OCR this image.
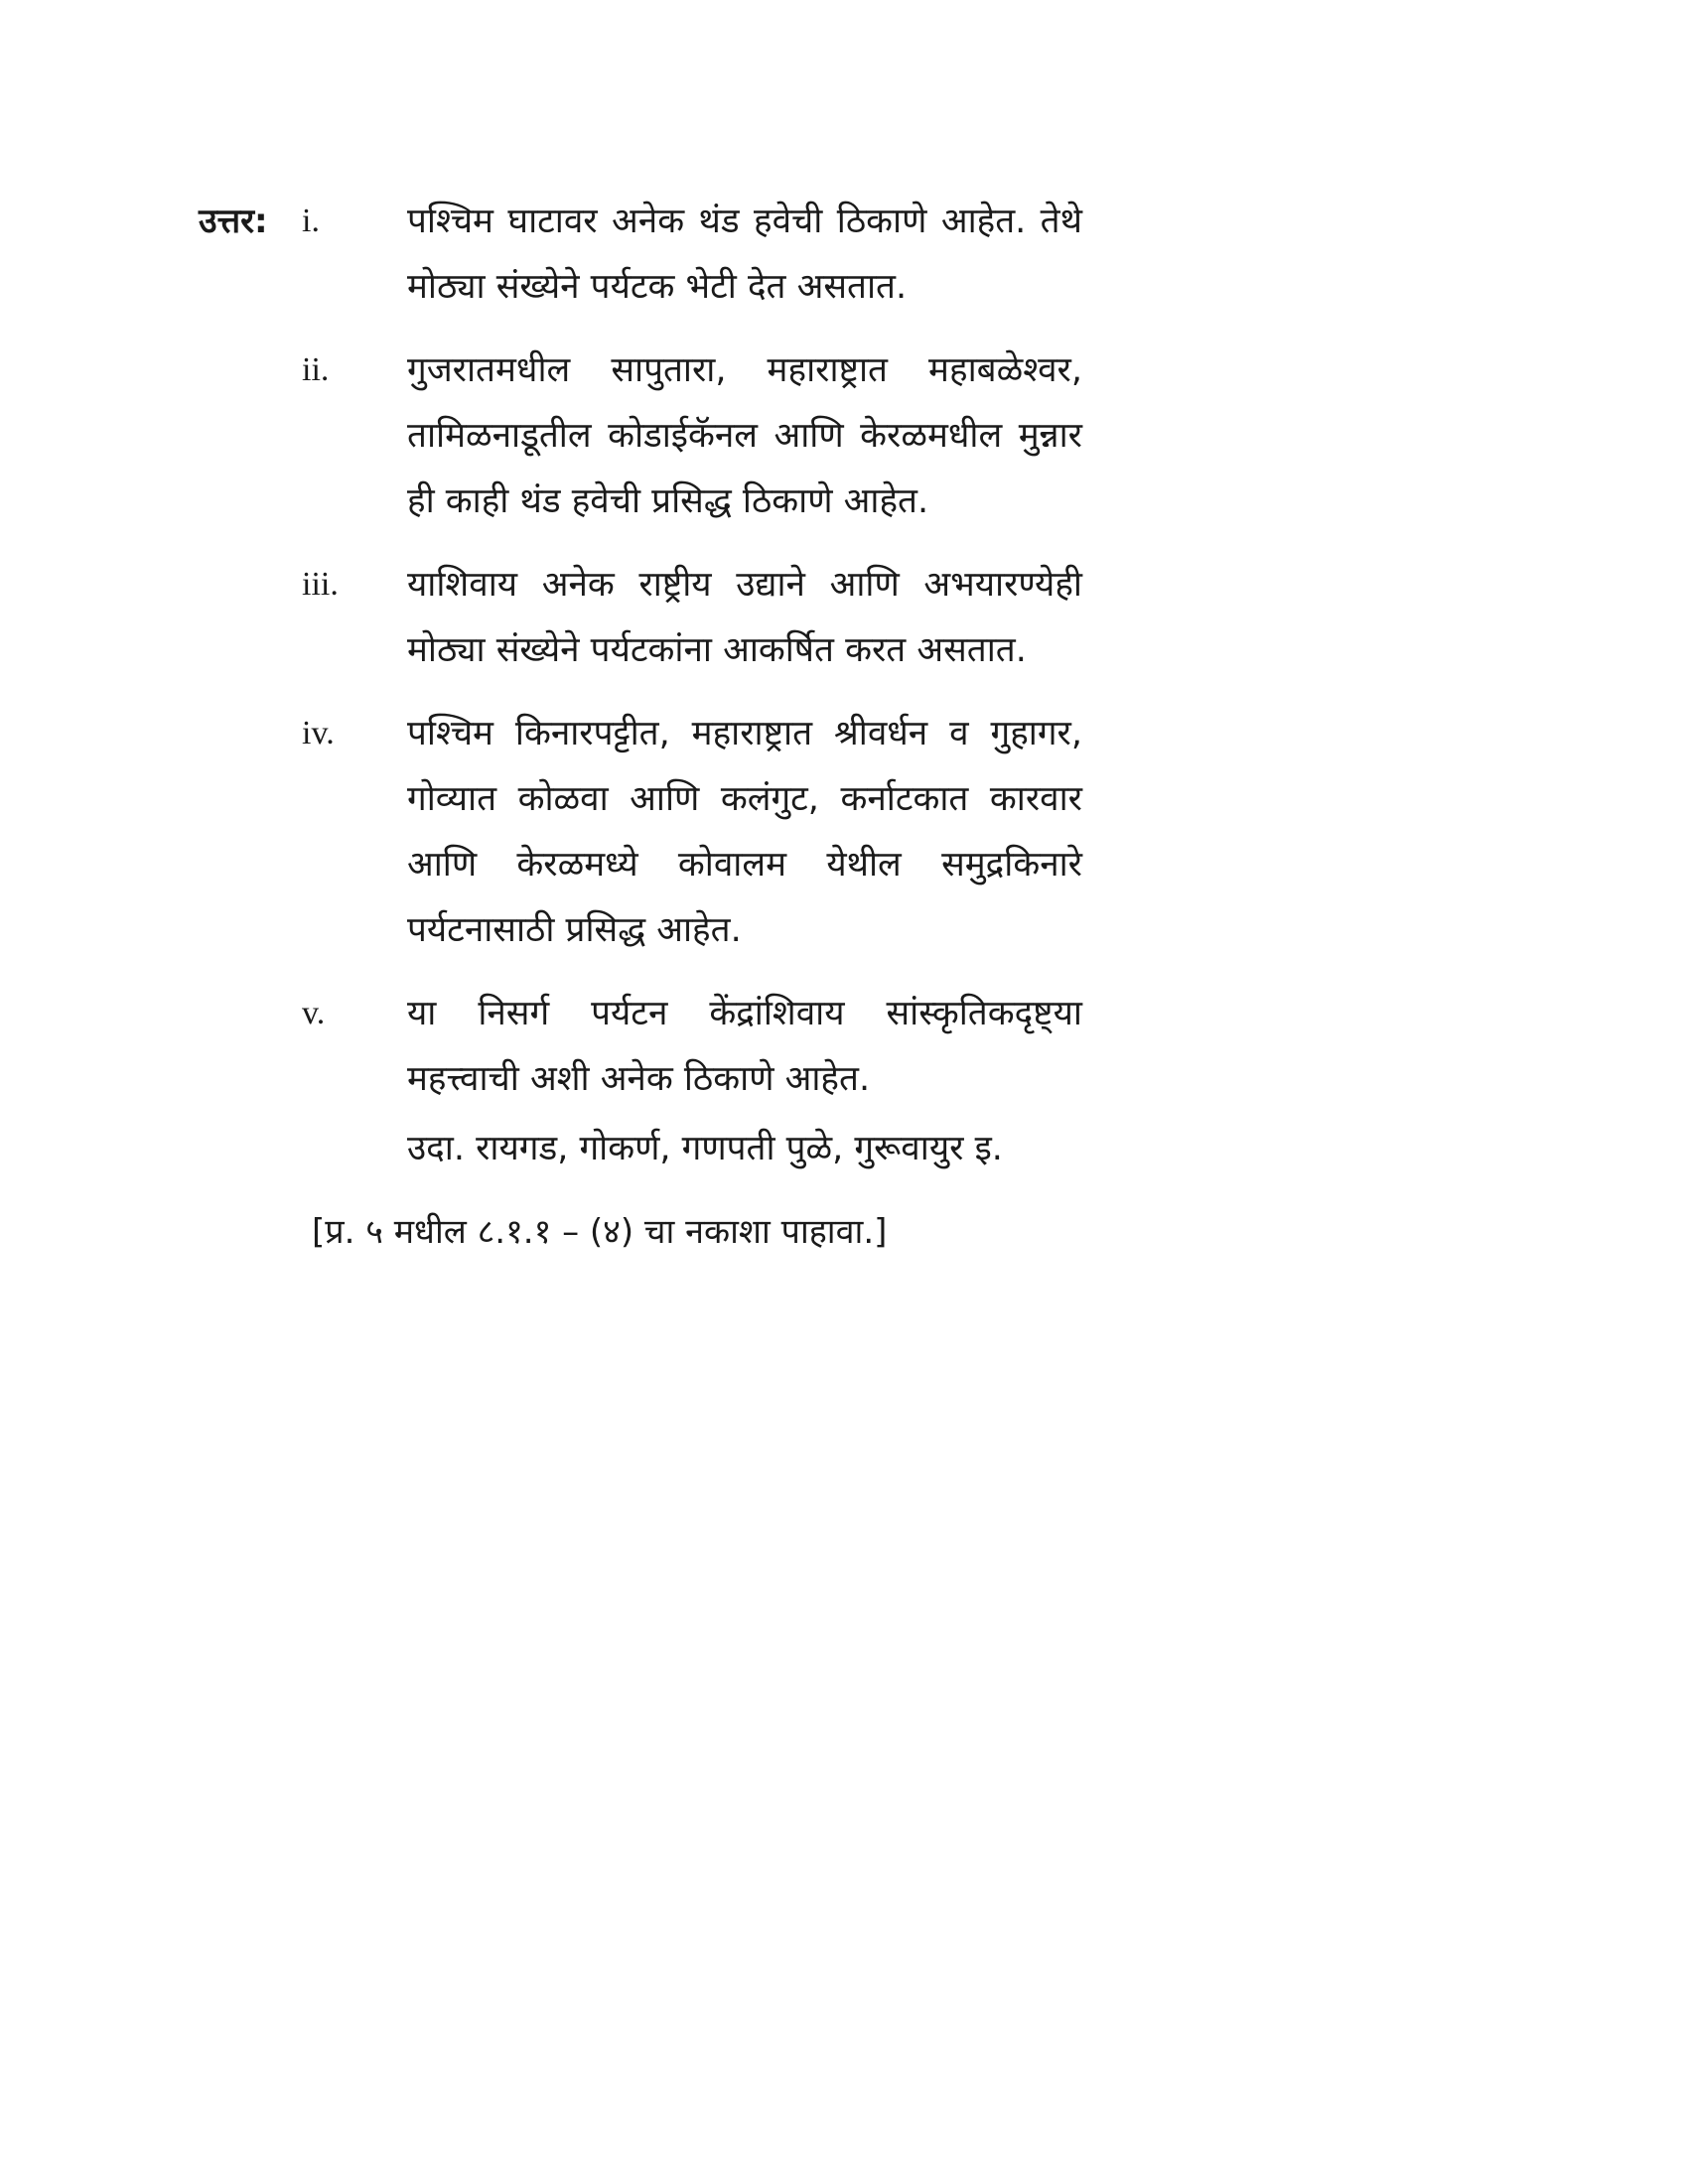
उत्तर: i.	पश्चिम घाटावर अनेक थंड हवेची ठिकाणे आहेत. तेथे मोठ्या संख्येने पर्यटक भेटी देत असतात.
ii. गुजरातमधील सापुतारा, महाराष्ट्रात महाबळेश्वर, तामिळनाडूतील कोडाईकॅनल आणि केरळमधील मुन्नार ही काही थंड हवेची प्रसिद्ध ठिकाणे आहेत.
iii. याशिवाय अनेक राष्ट्रीय उद्याने आणि अभयारण्येही मोठ्या संख्येने पर्यटकांना आकर्षित करत असतात.
iv. पश्चिम किनारपट्टीत, महाराष्ट्रात श्रीवर्धन व गुहागर, गोव्यात कोळवा आणि कलंगुट, कर्नाटकात कारवार आणि केरळमध्ये कोवालम येथील समुद्रकिनारे पर्यटनासाठी प्रसिद्ध आहेत.
v. या निसर्ग पर्यटन केंद्रांशिवाय सांस्कृतिकदृष्ट्या महत्त्वाची अशी अनेक ठिकाणे आहेत.
उदा. रायगड, गोकर्ण, गणपती पुळे, गुरूवायुर इ.
[प्र. ५ मधील ८.१.१ – (४) चा नकाशा पाहावा.]
